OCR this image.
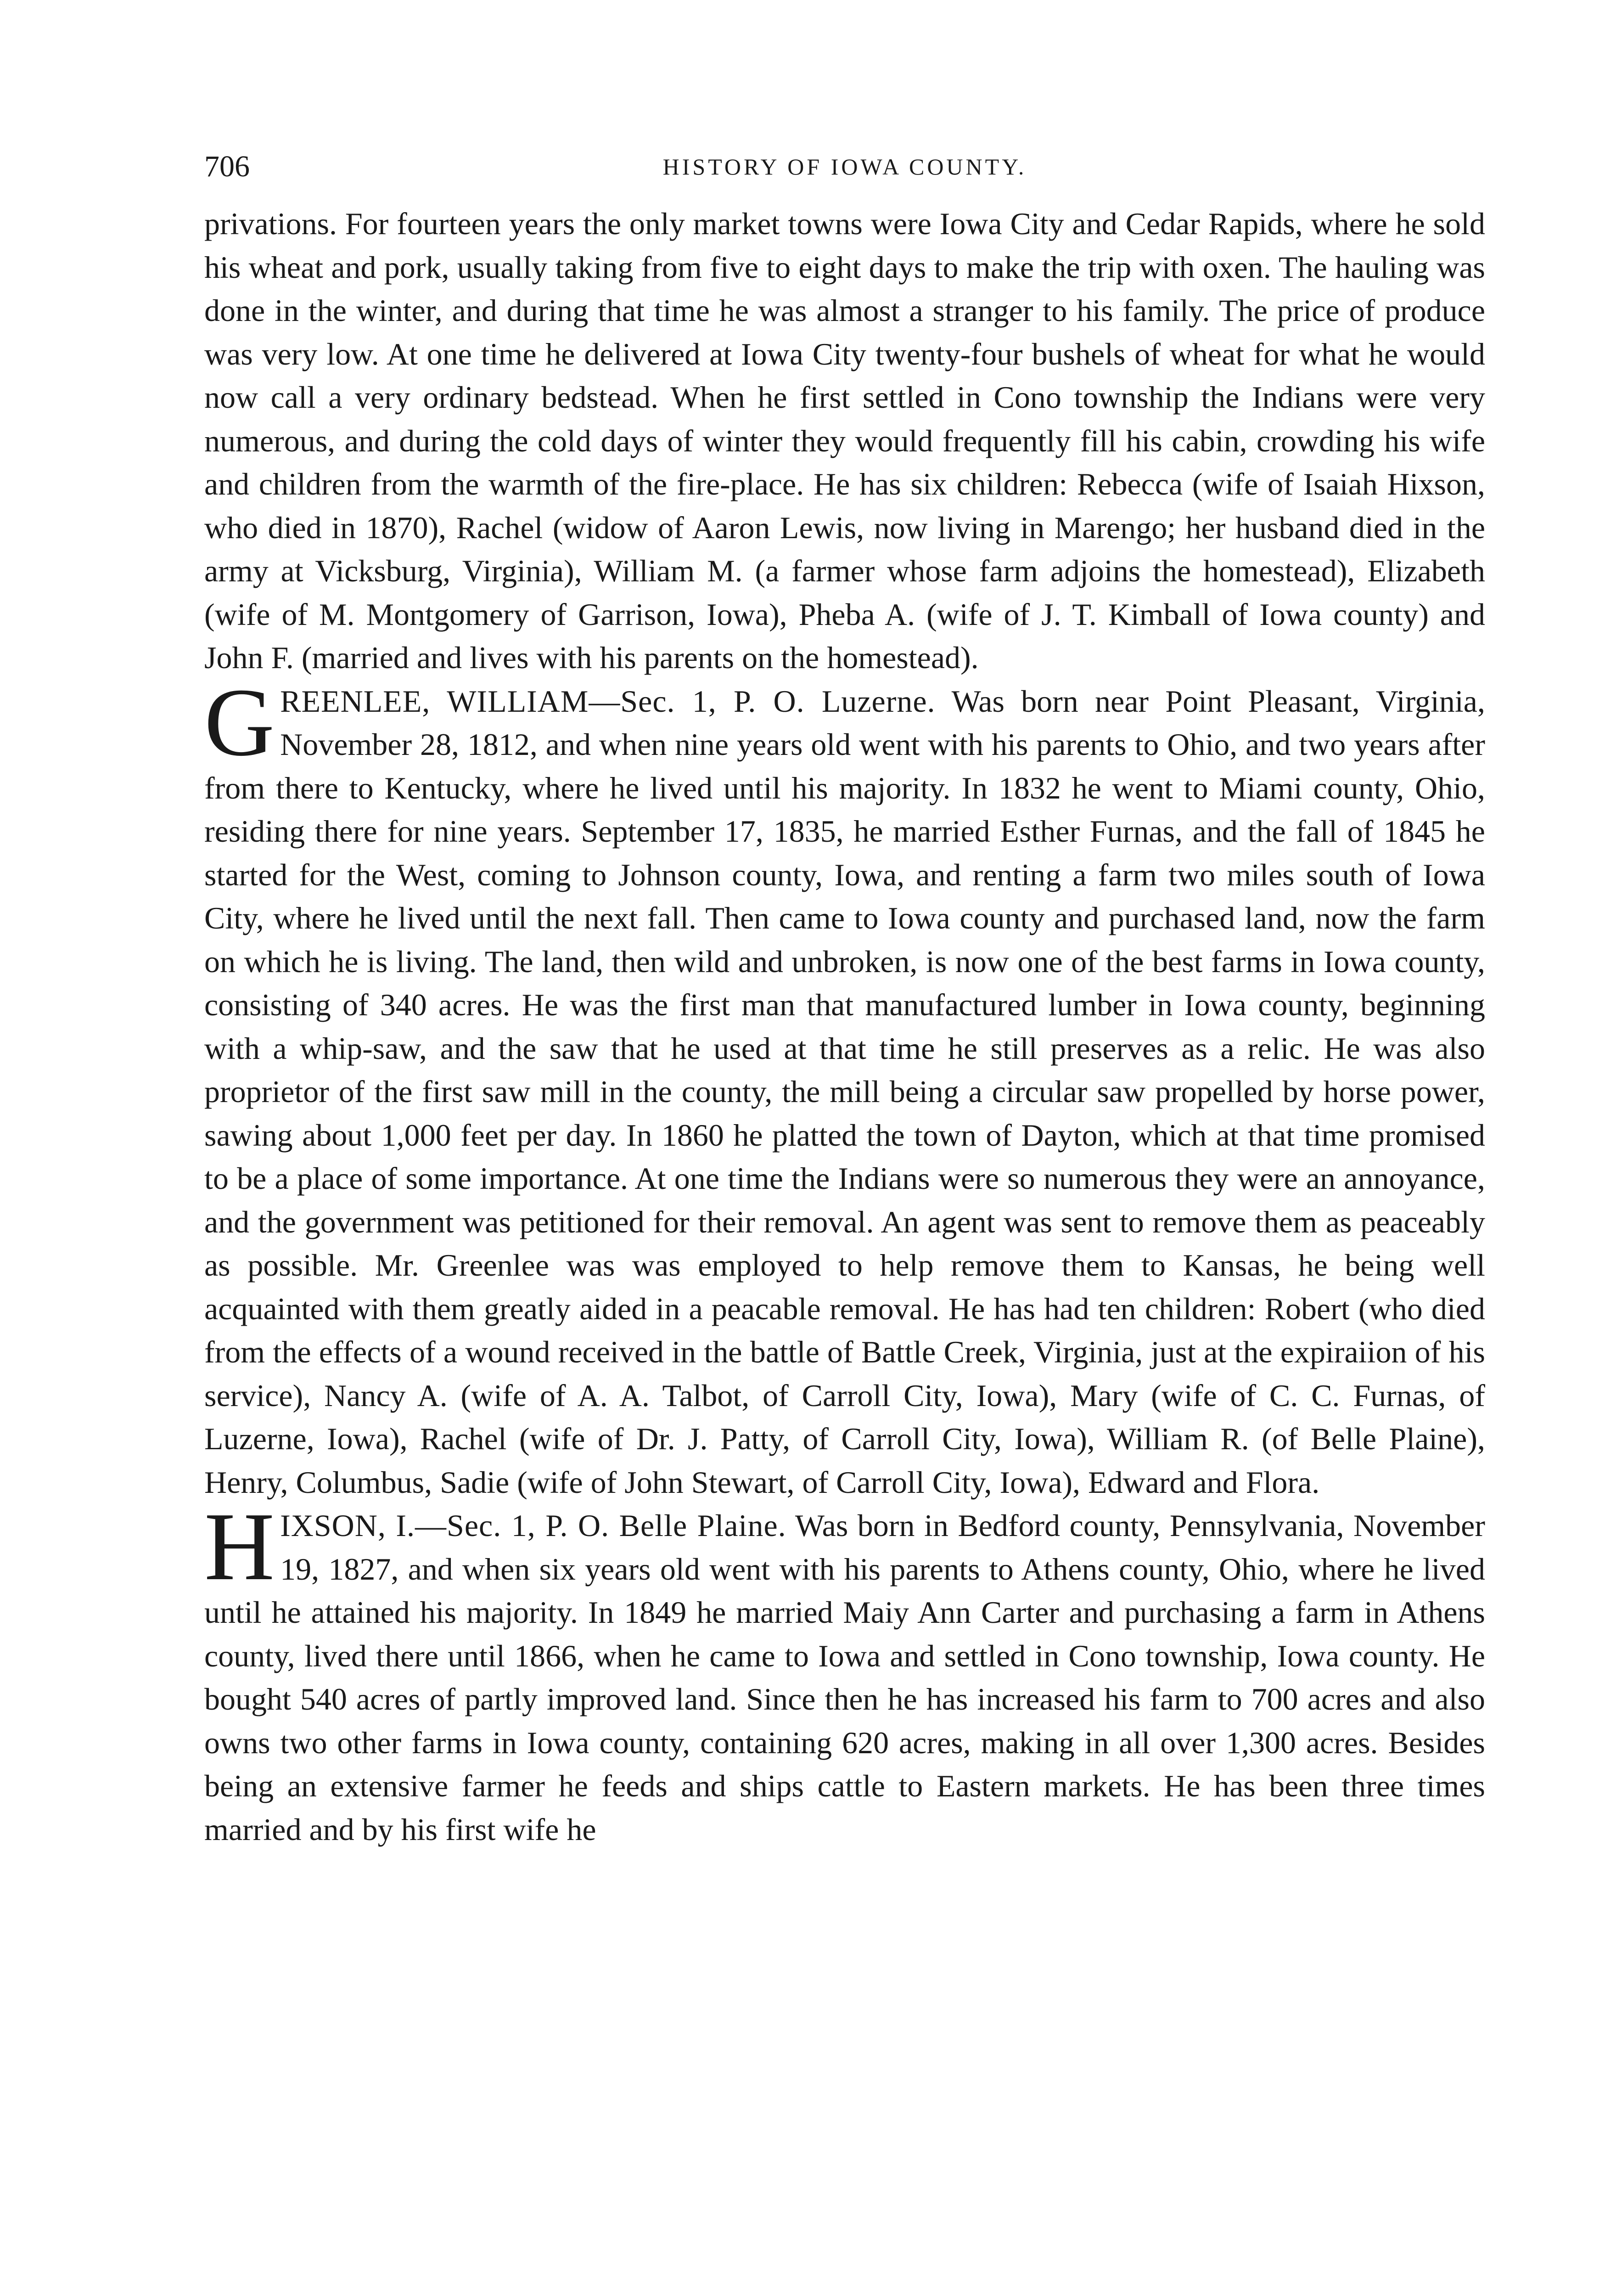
706	HISTORY OF IOWA COUNTY.

privations. For fourteen years the only market towns were Iowa City and Cedar Rapids, where he sold his wheat and pork, usually taking from five to eight days to make the trip with oxen. The hauling was done in the winter, and during that time he was almost a stranger to his family. The price of produce was very low. At one time he delivered at Iowa City twenty-four bushels of wheat for what he would now call a very ordinary bedstead. When he first settled in Cono township the Indians were very numerous, and during the cold days of winter they would frequently fill his cabin, crowding his wife and children from the warmth of the fire-place. He has six children: Rebecca (wife of Isaiah Hixson, who died in 1870), Rachel (widow of Aaron Lewis, now living in Marengo; her husband died in the army at Vicksburg, Virginia), William M. (a farmer whose farm adjoins the homestead), Elizabeth (wife of M. Montgomery of Garrison, Iowa), Pheba A. (wife of J. T. Kimball of Iowa county) and John F. (married and lives with his parents on the homestead).

G REENLEE, WILLIAM—Sec. 1, P. O. Luzerne. Was born near Point Pleasant, Virginia, November 28, 1812, and when nine years old went with his parents to Ohio, and two years after from there to Kentucky, where he lived until his majority. In 1832 he went to Miami county, Ohio, residing there for nine years. September 17, 1835, he married Esther Furnas, and the fall of 1845 he started for the West, coming to Johnson county, Iowa, and renting a farm two miles south of Iowa City, where he lived until the next fall. Then came to Iowa county and purchased land, now the farm on which he is living. The land, then wild and unbroken, is now one of the best farms in Iowa county, consisting of 340 acres. He was the first man that manufactured lumber in Iowa county, beginning with a whip-saw, and the saw that he used at that time he still preserves as a relic. He was also proprietor of the first saw mill in the county, the mill being a circular saw propelled by horse power, sawing about 1,000 feet per day. In 1860 he platted the town of Dayton, which at that time promised to be a place of some importance. At one time the Indians were so numerous they were an annoyance, and the government was petitioned for their removal. An agent was sent to remove them as peaceably as possible. Mr. Greenlee was was employed to help remove them to Kansas, he being well acquainted with them greatly aided in a peacable removal. He has had ten children: Robert (who died from the effects of a wound received in the battle of Battle Creek, Virginia, just at the expiraiion of his service), Nancy A. (wife of A. A. Talbot, of Carroll City, Iowa), Mary (wife of C. C. Furnas, of Luzerne, Iowa), Rachel (wife of Dr. J. Patty, of Carroll City, Iowa), William R. (of Belle Plaine), Henry, Columbus, Sadie (wife of John Stewart, of Carroll City, Iowa), Edward and Flora.

H IXSON, I.—Sec. 1, P. O. Belle Plaine. Was born in Bedford county, Pennsylvania, November 19, 1827, and when six years old went with his parents to Athens county, Ohio, where he lived until he attained his majority. In 1849 he married Maiy Ann Carter and purchasing a farm in Athens county, lived there until 1866, when he came to Iowa and settled in Cono township, Iowa county. He bought 540 acres of partly improved land. Since then he has increased his farm to 700 acres and also owns two other farms in Iowa county, containing 620 acres, making in all over 1,300 acres. Besides being an extensive farmer he feeds and ships cattle to Eastern markets. He has been three times married and by his first wife he
